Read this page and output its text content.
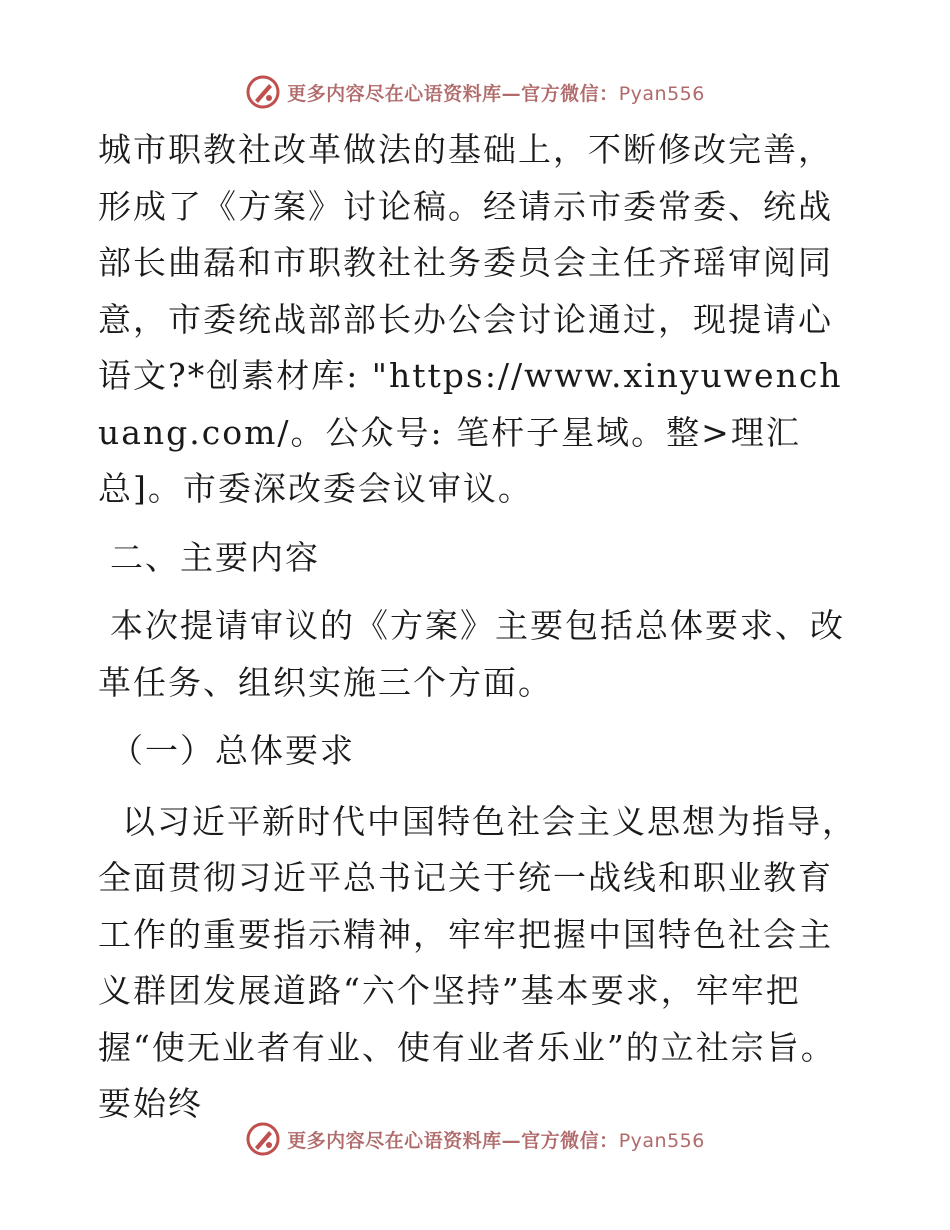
更多内容尽在心语资料库—官方微信：Pyan556

城市职教社改革做法的基础上，不断修改完善，形成了《方案》讨论稿。经请示市委常委、统战部长曲磊和市职教社社务委员会主任齐瑶审阅同意，市委统战部部长办公会讨论通过，现提请心语文?*创素材库: "https://www.xinyuwenchuang.com/。公众号: 笔杆子星域。整>理汇总]。市委深改委会议审议。

二、主要内容

本次提请审议的《方案》主要包括总体要求、改革任务、组织实施三个方面。

（一）总体要求

以习近平新时代中国特色社会主义思想为指导，
全面贯彻习近平总书记关于统一战线和职业教育工作的重要指示精神，牢牢把握中国特色社会主义群团发展道路“六个坚持”基本要求，牢牢把握“使无业者有业、使有业者乐业”的立社宗旨。要始终

更多内容尽在心语资料库—官方微信：Pyan556
